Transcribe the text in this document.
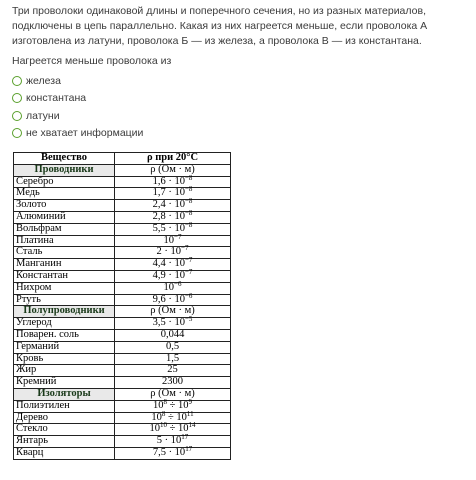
Три проволоки одинаковой длины и поперечного сечения, но из разных материалов, подключены в цепь параллельно. Какая из них нагреется меньше, если проволока А изготовлена из латуни, проволока Б — из железа, а проволока В — из константана.

Нагреется меньше проволока из
железа
константана
латуни
не хватает информации
Вещество	ρ при 20°C
Проводники	ρ (Ом · м)
Серебро	$1,6 \cdot 10^{-8}$
Медь	$1,7 \cdot 10^{-8}$
Золото	$2,4 \cdot 10^{-8}$
Алюминий	$2,8 \cdot 10^{-8}$
Вольфрам	$5,5 \cdot 10^{-8}$
Платина	$10^{-7}$
Сталь	$2 \cdot 10^{-7}$
Манганин	$4,4 \cdot 10^{-7}$
Константан	$4,9 \cdot 10^{-7}$
Нихром	$10^{-6}$
Ртуть	$9,6 \cdot 10^{-6}$
Полупроводники	ρ (Ом · м)
Углерод	$3,5 \cdot 10^{-5}$
Поварен. соль	0,044
Германий	0,5
Кровь	1,5
Жир	25
Кремний	2300
Изоляторы	ρ (Ом · м)
Полиэтилен	$10^8 \div 10^9$
Дерево	$10^8 \div 10^{11}$
Стекло	$10^{10} \div 10^{14}$
Янтарь	$5 \cdot 10^{17}$
Кварц	$7,5 \cdot 10^{17}$
